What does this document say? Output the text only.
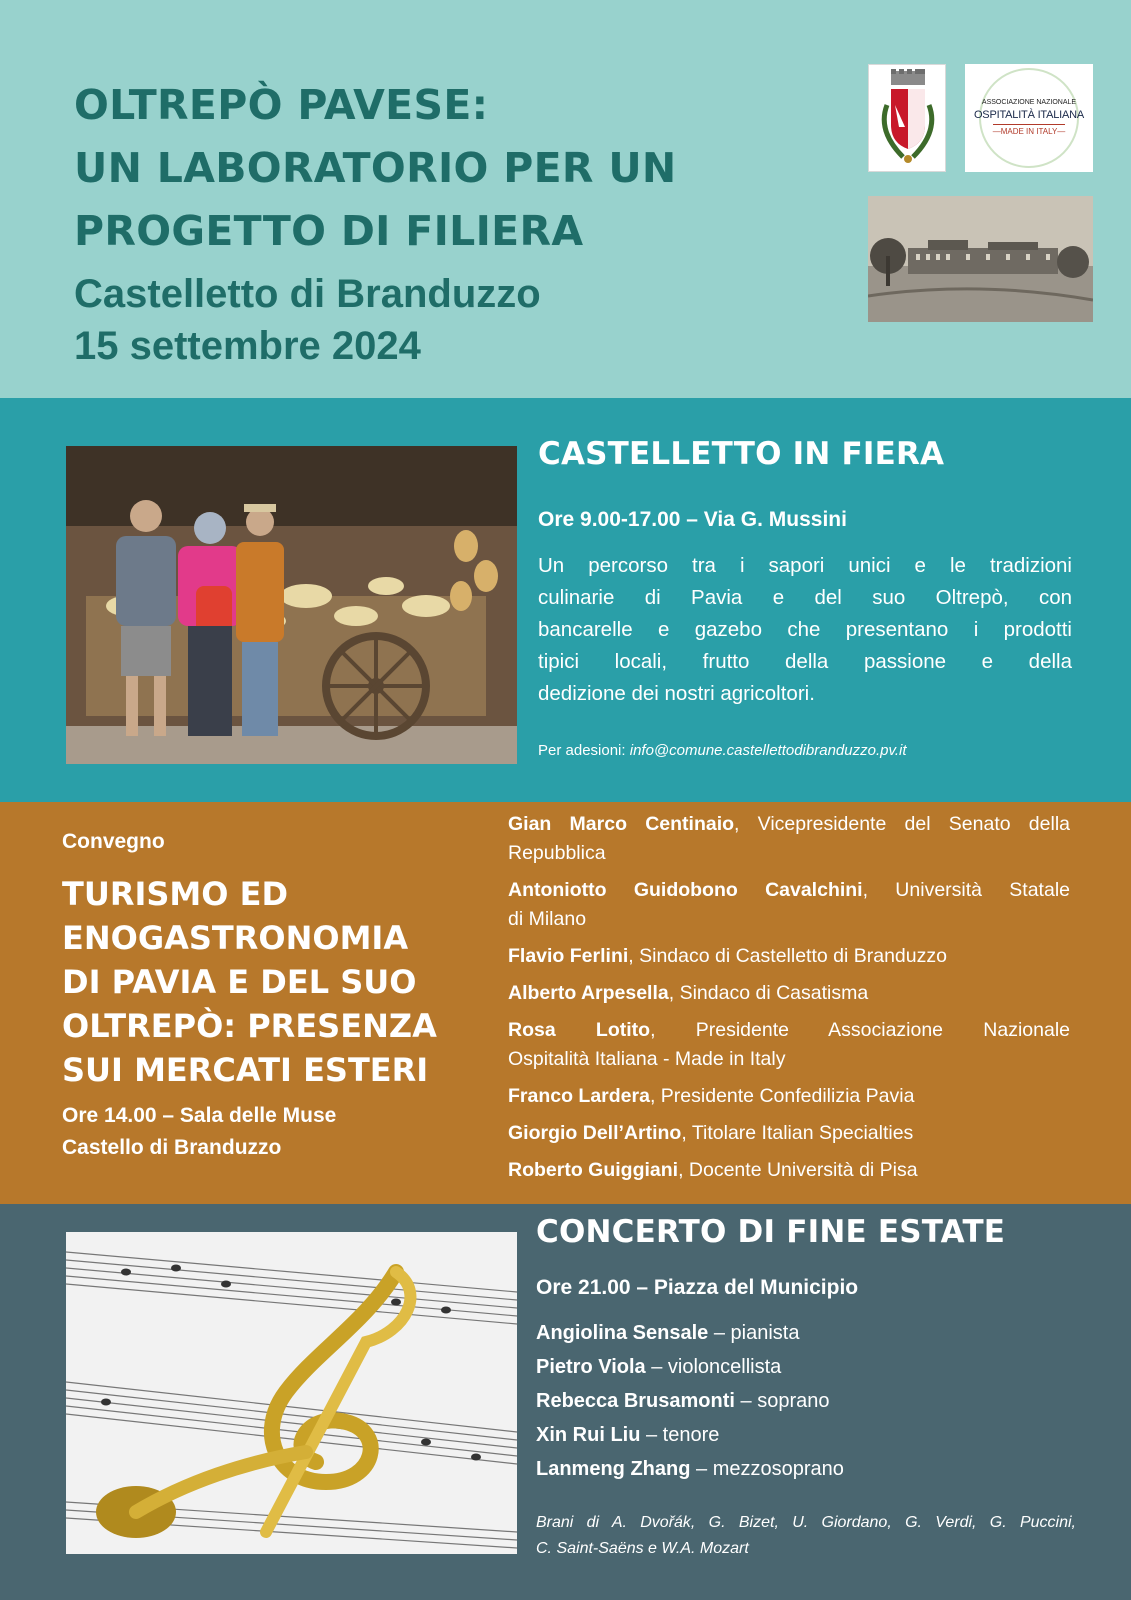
OLTREPÒ PAVESE:
UN LABORATORIO PER UN
PROGETTO DI FILIERA
Castelletto di Branduzzo
15 settembre 2024
ASSOCIAZIONE NAZIONALE
OSPITALITÀ ITALIANA
—MADE IN ITALY—
CASTELLETTO IN FIERA
Ore 9.00-17.00 – Via G. Mussini
Un percorso tra i sapori unici e le tradizioni
culinarie di Pavia e del suo Oltrepò, con
bancarelle e gazebo che presentano i prodotti
tipici locali, frutto della passione e della
dedizione dei nostri agricoltori.
Per adesioni: info@comune.castellettodibranduzzo.pv.it
Convegno
TURISMO ED
ENOGASTRONOMIA
DI PAVIA E DEL SUO
OLTREPÒ: PRESENZA
SUI MERCATI ESTERI
Ore 14.00 – Sala delle Muse
Castello di Branduzzo
Gian Marco Centinaio, Vicepresidente del Senato della
Repubblica
Antoniotto Guidobono Cavalchini, Università Statale
di Milano
Flavio Ferlini, Sindaco di Castelletto di Branduzzo
Alberto Arpesella, Sindaco di Casatisma
Rosa Lotito, Presidente Associazione Nazionale
Ospitalità Italiana - Made in Italy
Franco Lardera, Presidente Confedilizia Pavia
Giorgio Dell’Artino, Titolare Italian Specialties
Roberto Guiggiani, Docente Università di Pisa
CONCERTO DI FINE ESTATE
Ore 21.00 – Piazza del Municipio
Angiolina Sensale – pianista
Pietro Viola – violoncellista
Rebecca Brusamonti – soprano
Xin Rui Liu – tenore
Lanmeng Zhang – mezzosoprano
Brani di A. Dvořák, G. Bizet, U. Giordano, G. Verdi, G. Puccini,
C. Saint-Saëns e W.A. Mozart
